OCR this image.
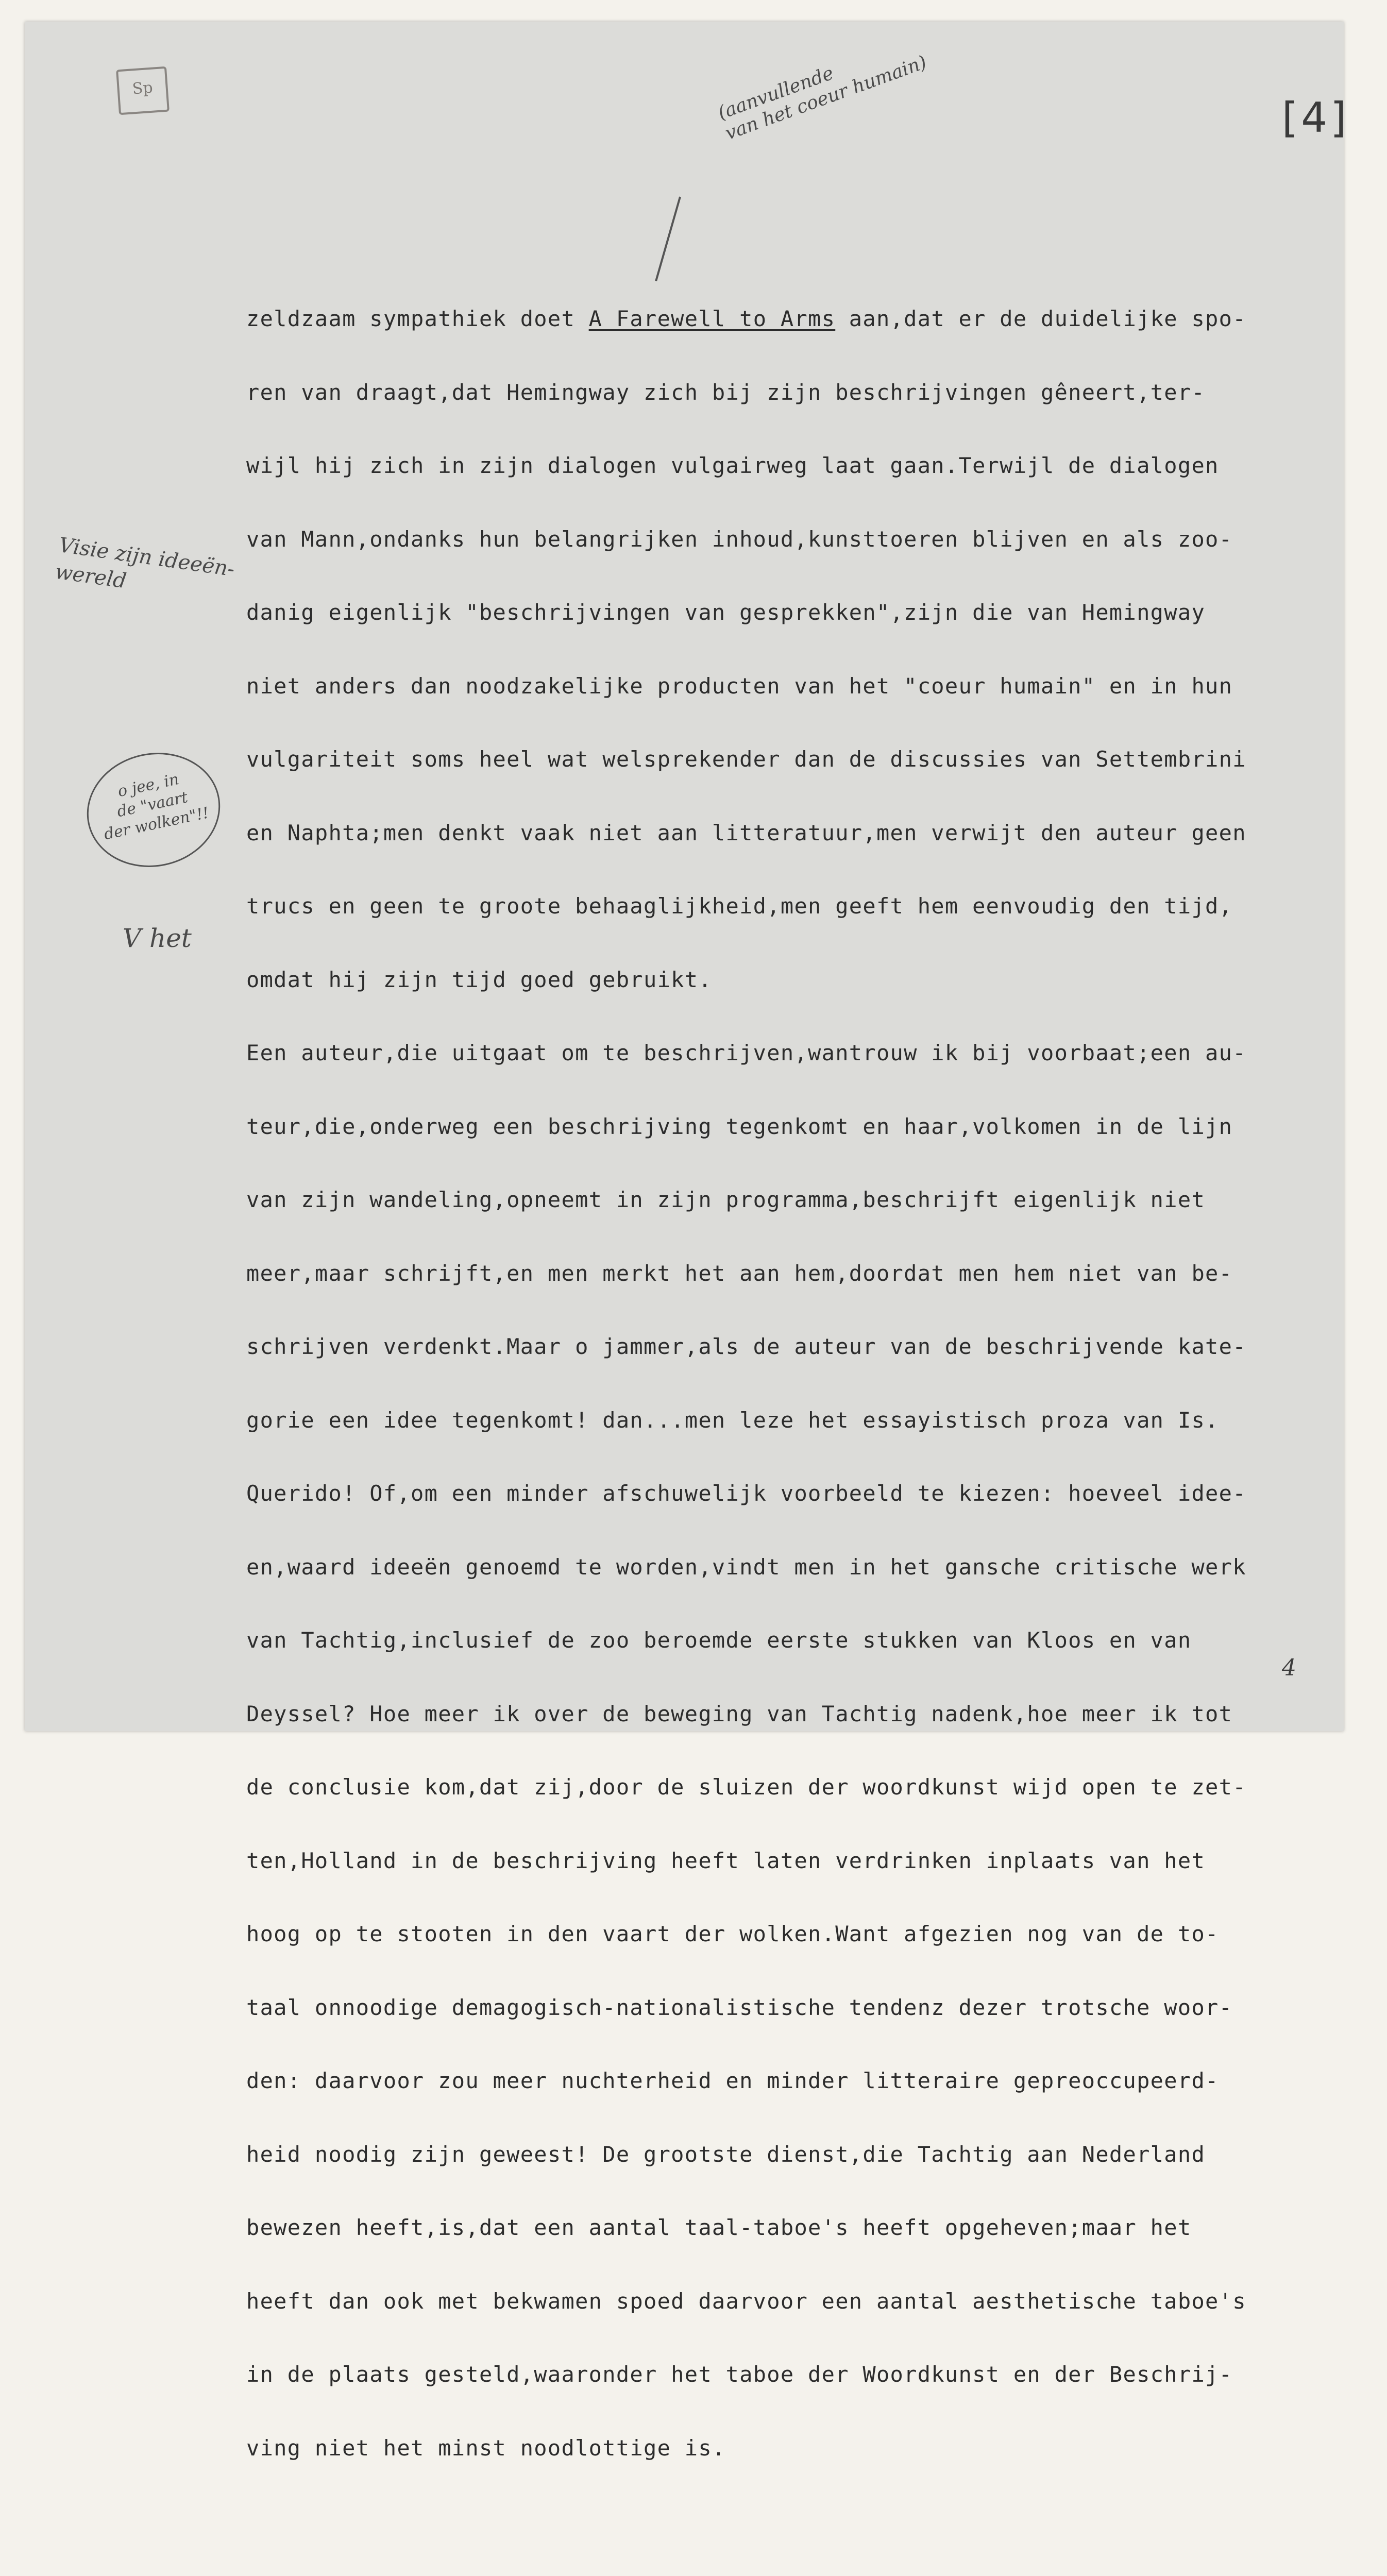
Sp
[4]
(aanvullende
van het coeur humain)
Visie zijn ideeën-
wereld
o jee, in
de "vaart
der wolken"!!
V het

zeldzaam sympathiek doet A Farewell to Arms aan,dat er de duidelijke spo-

ren van draagt,dat Hemingway zich bij zijn beschrijvingen gêneert,ter-

wijl hij zich in zijn dialogen vulgairweg laat gaan.Terwijl de dialogen

van Mann,ondanks hun belangrijken inhoud,kunsttoeren blijven en als zoo-

danig eigenlijk "beschrijvingen van gesprekken",zijn die van Hemingway

niet anders dan noodzakelijke producten van het "coeur humain" en in hun

vulgariteit soms heel wat welsprekender dan de discussies van Settembrini

en Naphta;men denkt vaak niet aan litteratuur,men verwijt den auteur geen

trucs en geen te groote behaaglijkheid,men geeft hem eenvoudig den tijd,

omdat hij zijn tijd goed gebruikt.

Een auteur,die uitgaat om te beschrijven,wantrouw ik bij voorbaat;een au-

teur,die,onderweg een beschrijving tegenkomt en haar,volkomen in de lijn

van zijn wandeling,opneemt in zijn programma,beschrijft eigenlijk niet

meer,maar schrijft,en men merkt het aan hem,doordat men hem niet van be-

schrijven verdenkt.Maar o jammer,als de auteur van de beschrijvende kate-

gorie een idee tegenkomt! dan...men leze het essayistisch proza van Is.

Querido! Of,om een minder afschuwelijk voorbeeld te kiezen: hoeveel idee-

en,waard ideeën genoemd te worden,vindt men in het gansche critische werk

van Tachtig,inclusief de zoo beroemde eerste stukken van Kloos en van

Deyssel? Hoe meer ik over de beweging van Tachtig nadenk,hoe meer ik tot

de conclusie kom,dat zij,door de sluizen der woordkunst wijd open te zet-

ten,Holland in de beschrijving heeft laten verdrinken inplaats van het

hoog op te stooten in den vaart der wolken.Want afgezien nog van de to-

taal onnoodige demagogisch-nationalistische tendenz dezer trotsche woor-

den: daarvoor zou meer nuchterheid en minder litteraire gepreoccupeerd-

heid noodig zijn geweest! De grootste dienst,die Tachtig aan Nederland

bewezen heeft,is,dat een aantal taal-taboe's heeft opgeheven;maar het

heeft dan ook met bekwamen spoed daarvoor een aantal aesthetische taboe's

in de plaats gesteld,waaronder het taboe der Woordkunst en der Beschrij-

ving niet het minst noodlottige is.

4
